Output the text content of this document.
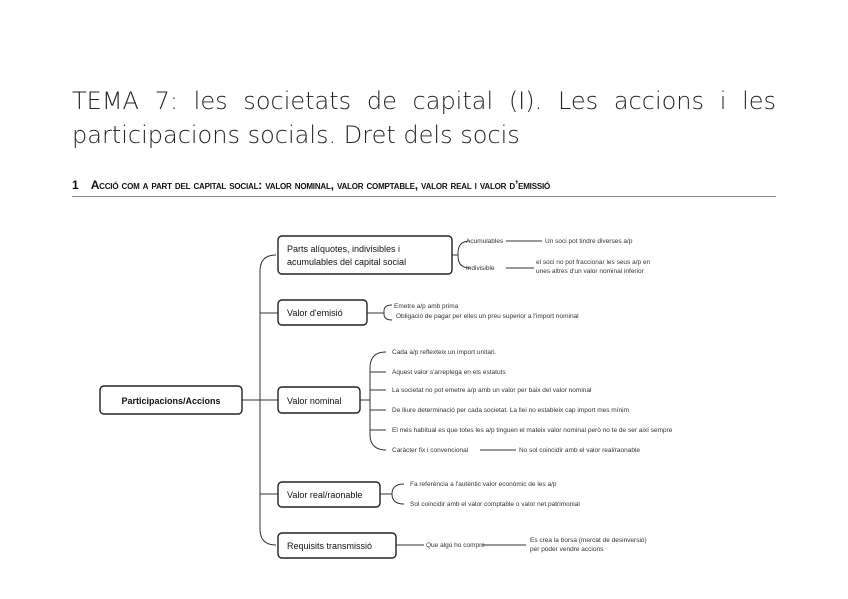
TEMA 7: les societats de capital (I). Les accions i les participacions socials. Dret dels socis
1 Acció com a part del capital social: valor nominal, valor comptable, valor real i valor d’emissió
Participacions/Accions
Parts alíquotes, indivisibles i acumulables del capital social
Valor d'emisió
Valor nominal
Valor real/raonable
Requisits transmissió
Acumulables	Un soci pot tindre diverses a/p
Indivisible
el soci no pot fraccionar les seus a/p en unes altres d'un valor nominal inferior
Emetre a/p amb prima
Obligació de pagar per elles un preu superior a l'import nominal
Cada a/p reflexteix un import unitari.
Aquest valor s'arreplega en els estatuts
La societat no pot emetre a/p amb un valor per baix del valor nominal
De lliure determinació per cada societat. La llei no estableix cap import mes mínim
El més habitual es que totes les a/p tinguen el mateix valor nominal però no te de ser així sempre
Caràcter fix i convencional	No sol coincidir amb el valor real/raonable
Fa referència a l'autèntic valor econòmic de les a/p
Sol coincidir amb el valor comptable o valor net patrimonial
Que algú ho compre
Es crea la borsa (mercat de desinversió) per poder vendre accions
